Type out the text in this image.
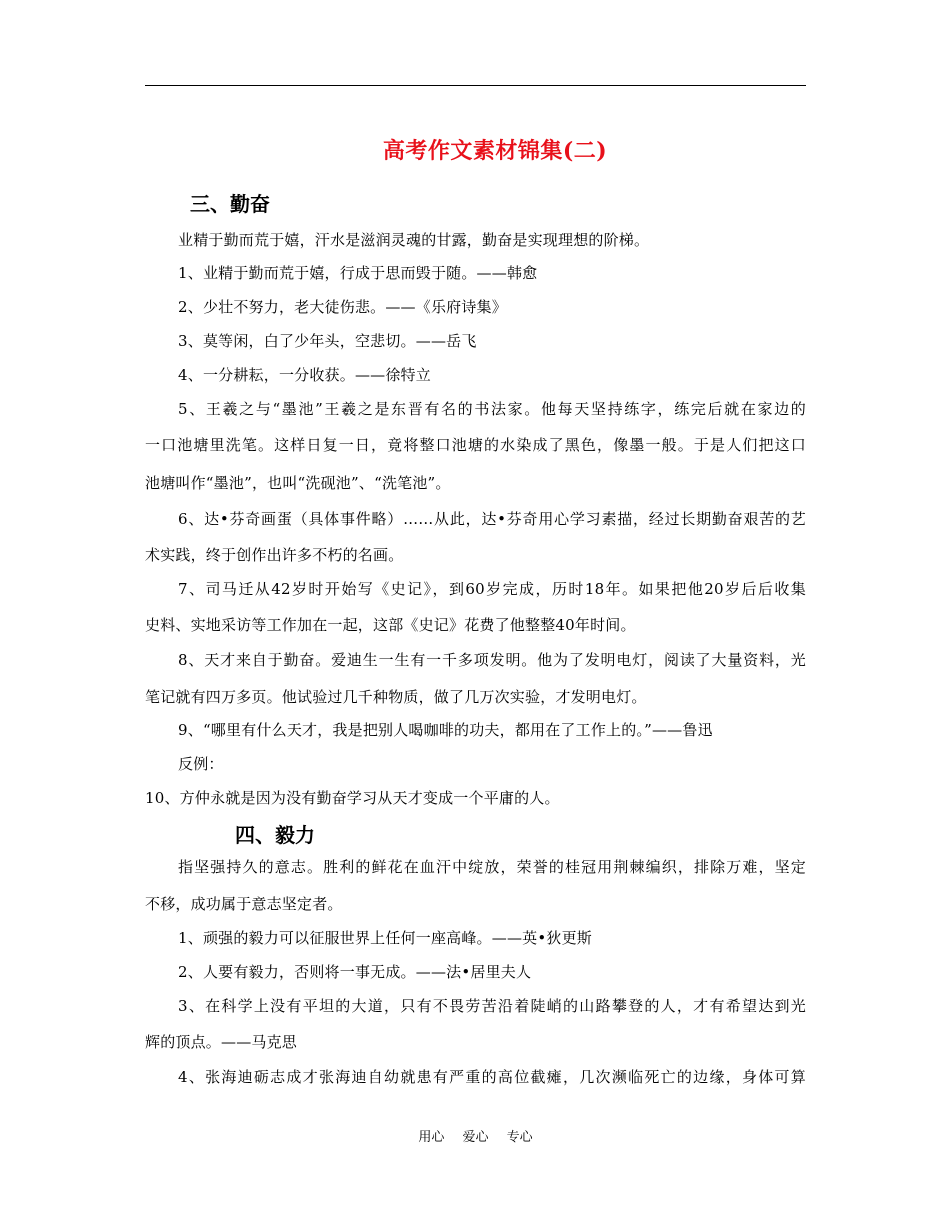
高考作文素材锦集(二)
三、勤奋
业精于勤而荒于嬉，汗水是滋润灵魂的甘露，勤奋是实现理想的阶梯。
1、业精于勤而荒于嬉，行成于思而毁于随。——韩愈
2、少壮不努力，老大徒伤悲。——《乐府诗集》
3、莫等闲，白了少年头，空悲切。——岳飞
4、一分耕耘，一分收获。——徐特立
5、王羲之与“墨池”王羲之是东晋有名的书法家。他每天坚持练字，练完后就在家边的
一口池塘里洗笔。这样日复一日，竟将整口池塘的水染成了黑色，像墨一般。于是人们把这口
池塘叫作“墨池”，也叫“洗砚池”、“洗笔池”。
6、达•芬奇画蛋（具体事件略）……从此，达•芬奇用心学习素描，经过长期勤奋艰苦的艺
术实践，终于创作出许多不朽的名画。
7、司马迁从42岁时开始写《史记》，到60岁完成，历时18年。如果把他20岁后后收集
史料、实地采访等工作加在一起，这部《史记》花费了他整整40年时间。
8、天才来自于勤奋。爱迪生一生有一千多项发明。他为了发明电灯，阅读了大量资料，光
笔记就有四万多页。他试验过几千种物质，做了几万次实验，才发明电灯。
9、“哪里有什么天才，我是把别人喝咖啡的功夫，都用在了工作上的。”——鲁迅
反例：
10、方仲永就是因为没有勤奋学习从天才变成一个平庸的人。
四、毅力
指坚强持久的意志。胜利的鲜花在血汗中绽放，荣誉的桂冠用荆棘编织，排除万难，坚定
不移，成功属于意志坚定者。
1、顽强的毅力可以征服世界上任何一座高峰。——英•狄更斯
2、人要有毅力，否则将一事无成。——法•居里夫人
3、在科学上没有平坦的大道，只有不畏劳苦沿着陡峭的山路攀登的人，才有希望达到光
辉的顶点。——马克思
4、张海迪砺志成才张海迪自幼就患有严重的高位截瘫，几次濒临死亡的边缘，身体可算
用心 爱心 专心
